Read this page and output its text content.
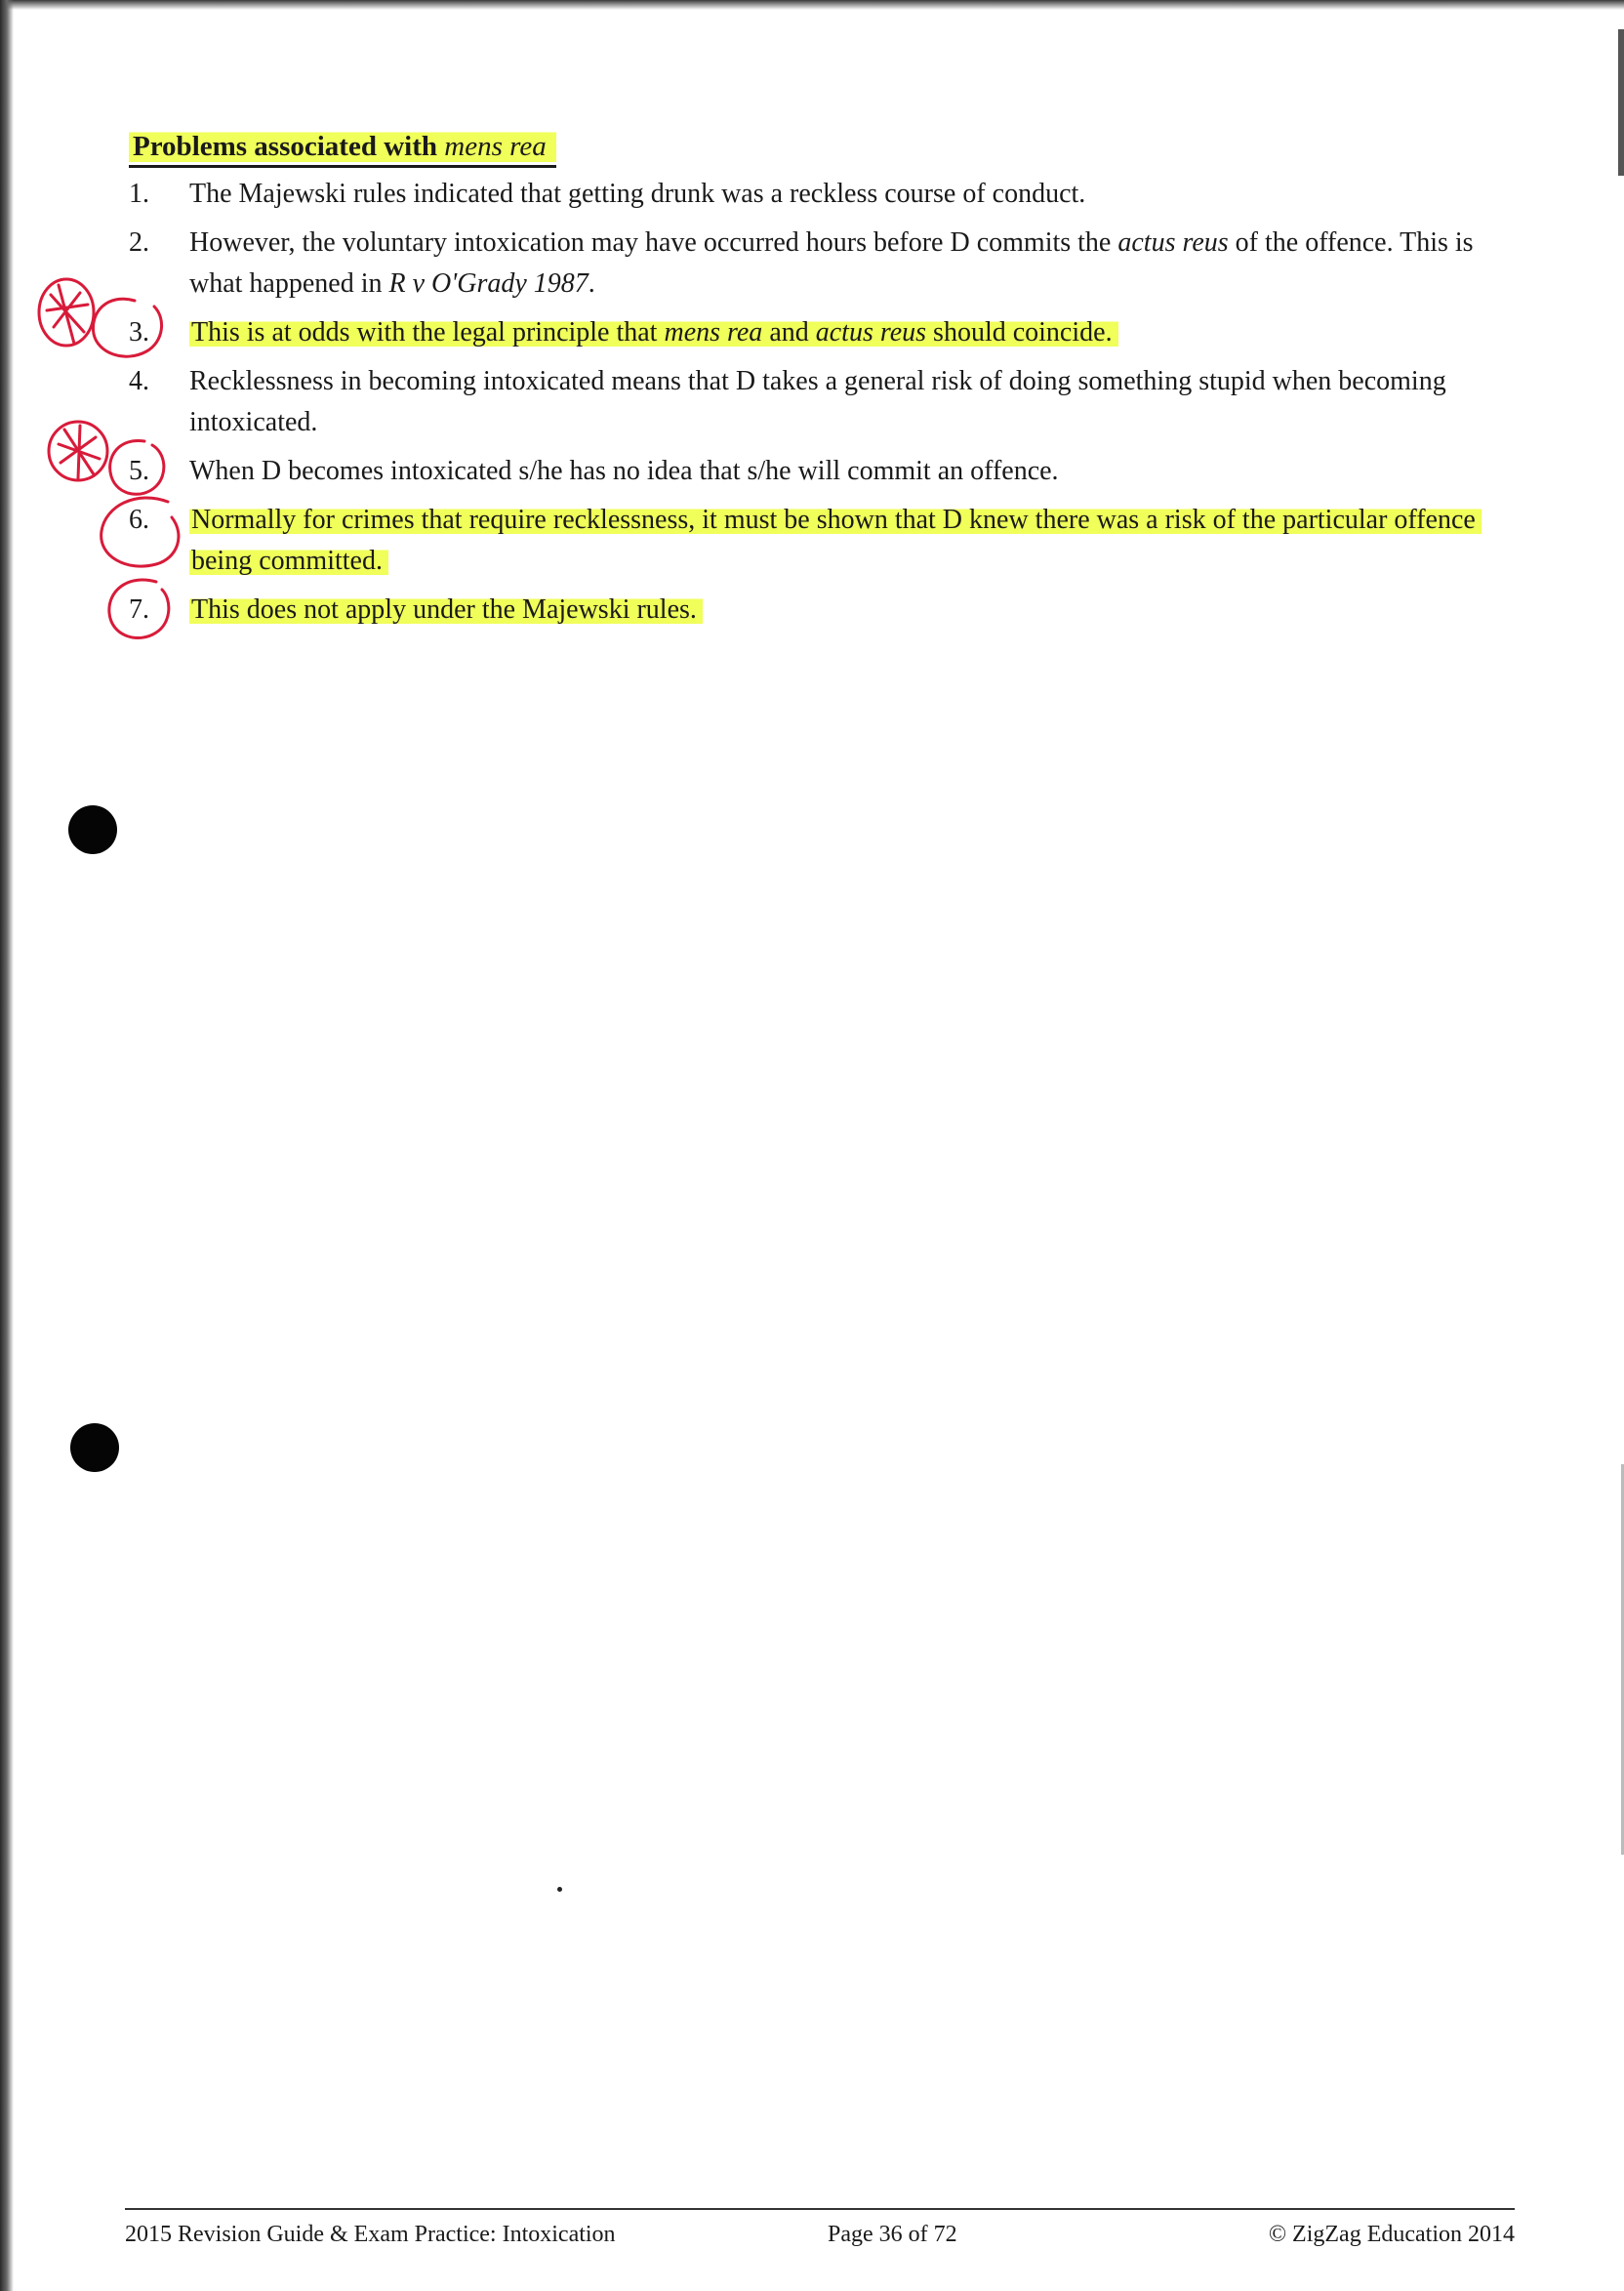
Problems associated with mens rea
1.	The Majewski rules indicated that getting drunk was a reckless course of conduct.
2.	However, the voluntary intoxication may have occurred hours before D commits the actus reus of the offence. This is what happened in R v O'Grady 1987.
3.	This is at odds with the legal principle that mens rea and actus reus should coincide.
4.	Recklessness in becoming intoxicated means that D takes a general risk of doing something stupid when becoming intoxicated.
5.	When D becomes intoxicated s/he has no idea that s/he will commit an offence.
6.	Normally for crimes that require recklessness, it must be shown that D knew there was a risk of the particular offence being committed.
7.	This does not apply under the Majewski rules.
2015 Revision Guide & Exam Practice: Intoxication	Page 36 of 72	© ZigZag Education 2014
